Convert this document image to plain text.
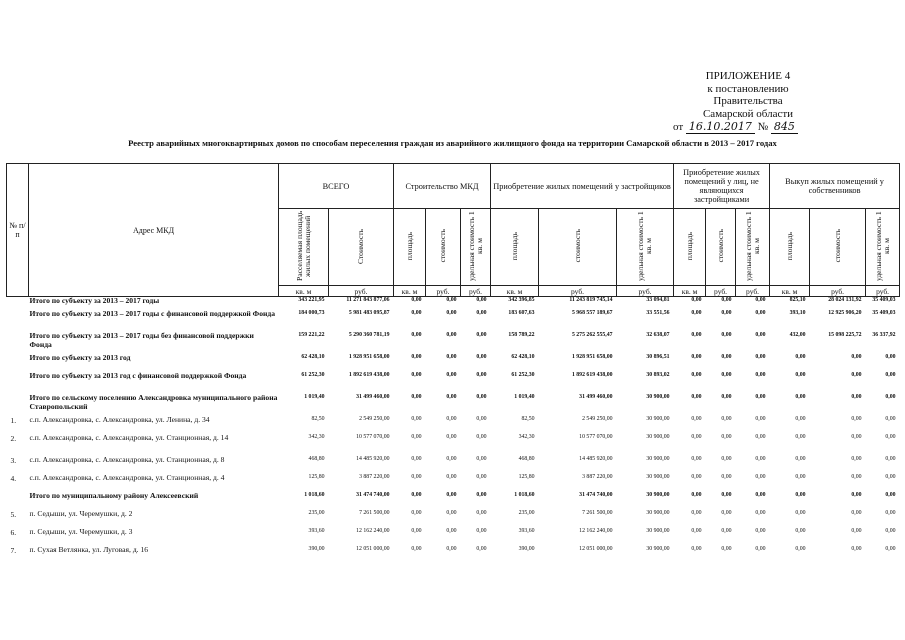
ПРИЛОЖЕНИЕ 4
к постановлению Правительства
Самарской области
от 16.10.2017 № 845
Реестр аварийных многоквартирных домов по способам переселения граждан из аварийного жилищного фонда на территории Самарской области в 2013 – 2017 годах
№ п/п	Адрес МКД	ВСЕГО		Строительство МКД			Приобретение жилых помещений у застройщиков			Приобретение жилых помещений у лиц, не являющихся застройщиками			Выкуп жилых помещений у собственников		
		Расселяемая площадь жилых помещений	Стоимость	площадь	стоимость	удельная стоимость 1 кв. м	площадь	стоимость	удельная стоимость 1 кв. м	площадь	стоимость	удельная стоимость 1 кв. м	площадь	стоимость	удельная стоимость 1 кв. м
		кв. м	руб.	кв. м	руб.	руб.	кв. м	руб.	руб.	кв. м	руб.	руб.	кв. м	руб.	руб.
	Итого по субъекту за 2013 – 2017 годы	343 221,95	11 271 843 877,06	0,00	0,00	0,00	342 396,85	11 243 819 745,14	33 094,81	0,00	0,00	0,00	825,10	28 024 131,92	35 409,03
	Итого по субъекту за 2013 – 2017 годы с финансовой поддержкой Фонда	184 000,73	5 981 483 095,87	0,00	0,00	0,00	183 607,63	5 968 557 189,67	33 551,56	0,00	0,00	0,00	393,10	12 925 906,20	35 409,03
	Итого по субъекту за 2013 – 2017 годы без финансовой поддержки Фонда	159 221,22	5 290 360 781,19	0,00	0,00	0,00	158 789,22	5 275 262 555,47	32 638,07	0,00	0,00	0,00	432,00	15 098 225,72	36 337,92
	Итого по субъекту за 2013 год	62 428,10	1 928 951 658,00	0,00	0,00	0,00	62 428,10	1 928 951 658,00	30 896,51	0,00	0,00	0,00	0,00	0,00	0,00
	Итого по субъекту за 2013 год с финансовой поддержкой Фонда	61 252,30	1 892 619 438,00	0,00	0,00	0,00	61 252,30	1 892 619 438,00	30 893,02	0,00	0,00	0,00	0,00	0,00	0,00
	Итого по сельскому поселению Александровка муниципального района Ставропольский	1 019,40	31 499 460,00	0,00	0,00	0,00	1 019,40	31 499 460,00	30 900,00	0,00	0,00	0,00	0,00	0,00	0,00
1.	с.п. Александровка, с. Александровка, ул. Ленина, д. 34	82,50	2 549 250,00	0,00	0,00	0,00	82,50	2 549 250,00	30 900,00	0,00	0,00	0,00	0,00	0,00	0,00
2.	с.п. Александровка, с. Александровка, ул. Станционная, д. 14	342,30	10 577 070,00	0,00	0,00	0,00	342,30	10 577 070,00	30 900,00	0,00	0,00	0,00	0,00	0,00	0,00
3.	с.п. Александровка, с. Александровка, ул. Станционная, д. 8	468,80	14 485 920,00	0,00	0,00	0,00	468,80	14 485 920,00	30 900,00	0,00	0,00	0,00	0,00	0,00	0,00
4.	с.п. Александровка, с. Александровка, ул. Станционная, д. 4	125,80	3 887 220,00	0,00	0,00	0,00	125,80	3 887 220,00	30 900,00	0,00	0,00	0,00	0,00	0,00	0,00
	Итого по муниципальному району Алексеевский	1 018,60	31 474 740,00	0,00	0,00	0,00	1 018,60	31 474 740,00	30 900,00	0,00	0,00	0,00	0,00	0,00	0,00
5.	п. Седыши, ул. Черемушки, д. 2	235,00	7 261 500,00	0,00	0,00	0,00	235,00	7 261 500,00	30 900,00	0,00	0,00	0,00	0,00	0,00	0,00
6.	п. Седыши, ул. Черемушки, д. 3	393,60	12 162 240,00	0,00	0,00	0,00	393,60	12 162 240,00	30 900,00	0,00	0,00	0,00	0,00	0,00	0,00
7.	п. Сухая Ветлянка, ул. Луговая, д. 16	390,00	12 051 000,00	0,00	0,00	0,00	390,00	12 051 000,00	30 900,00	0,00	0,00	0,00	0,00	0,00	0,00
